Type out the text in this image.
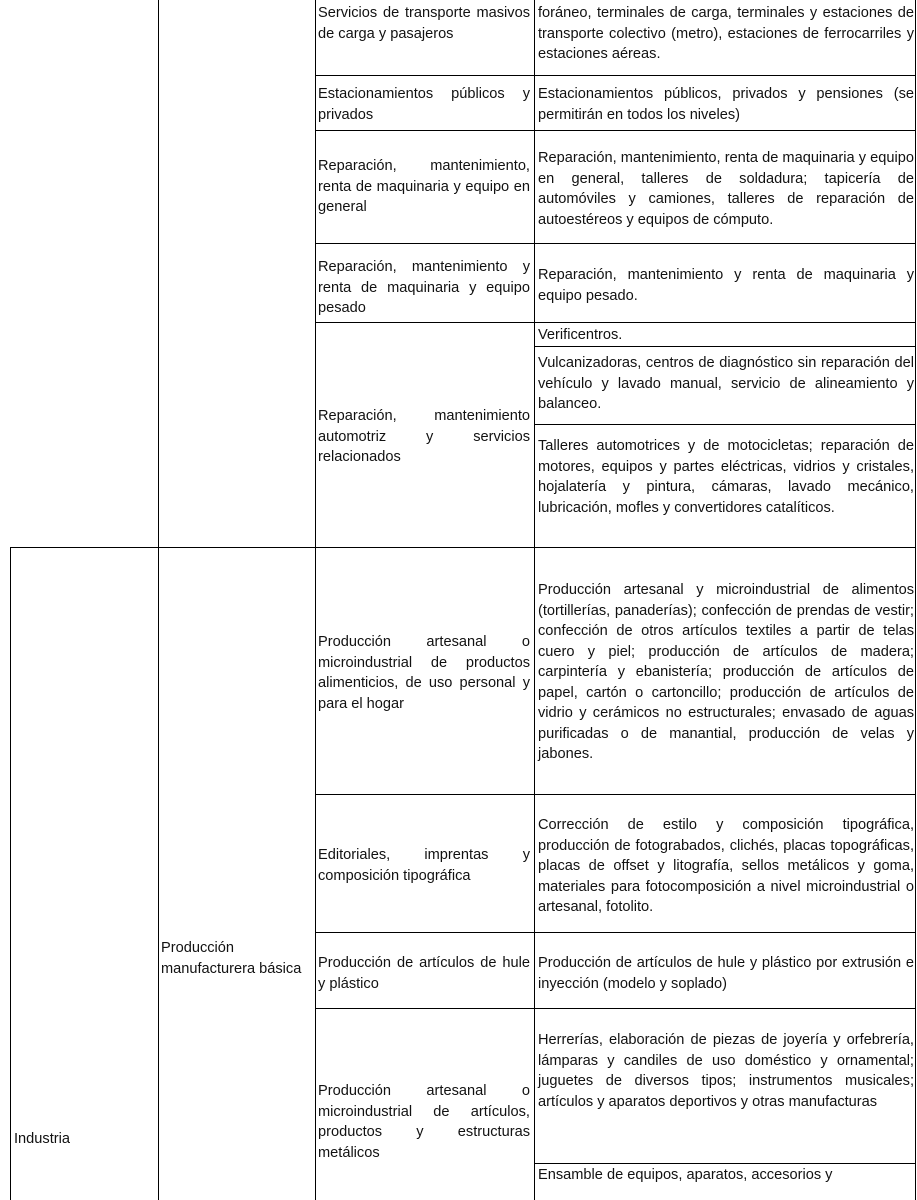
Industria
Producción manufacturera básica
Servicios de transporte masivos de carga y pasajeros
Estacionamientos públicos y privados
Reparación, mantenimiento, renta de maquinaria y equipo en general
Reparación, mantenimiento y renta de maquinaria y equipo pesado
Reparación, mantenimiento automotriz y servicios relacionados
Producción artesanal o microindustrial de productos alimenticios, de uso personal y para el hogar
Editoriales, imprentas y composición tipográfica
Producción de artículos de hule y plástico
Producción artesanal o microindustrial de artículos, productos y estructuras metálicos
foráneo, terminales de carga, terminales y estaciones de transporte colectivo (metro), estaciones de ferrocarriles y estaciones aéreas.
Estacionamientos públicos, privados y pensiones (se permitirán en todos los niveles)
Reparación, mantenimiento, renta de maquinaria y equipo en general, talleres de soldadura; tapicería de automóviles y camiones, talleres de reparación de autoestéreos y equipos de cómputo.
Reparación, mantenimiento y renta de maquinaria y equipo pesado.
Verificentros.
Vulcanizadoras, centros de diagnóstico sin reparación del vehículo y lavado manual, servicio de alineamiento y balanceo.
Talleres automotrices y de motocicletas; reparación de motores, equipos y partes eléctricas, vidrios y cristales, hojalatería y pintura, cámaras, lavado mecánico, lubricación, mofles y convertidores catalíticos.
Producción artesanal y microindustrial de alimentos (tortillerías, panaderías); confección de prendas de vestir; confección de otros artículos textiles a partir de telas cuero y piel; producción de artículos de madera; carpintería y ebanistería; producción de artículos de papel, cartón o cartoncillo; producción de artículos de vidrio y cerámicos no estructurales; envasado de aguas purificadas o de manantial, producción de velas y jabones.
Corrección de estilo y composición tipográfica, producción de fotograbados, clichés, placas topográficas, placas de offset y litografía, sellos metálicos y goma, materiales para fotocomposición a nivel microindustrial o artesanal, fotolito.
Producción de artículos de hule y plástico por extrusión e inyección (modelo y soplado)
Herrerías, elaboración de piezas de joyería y orfebrería, lámparas y candiles de uso doméstico y ornamental; juguetes de diversos tipos; instrumentos musicales; artículos y aparatos deportivos y otras manufacturas
Ensamble de equipos, aparatos, accesorios y
